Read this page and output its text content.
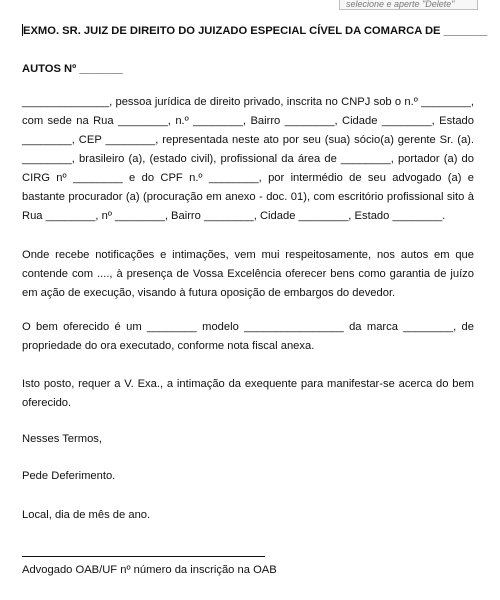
selecione e aperte "Delete"
EXMO. SR. JUIZ DE DIREITO DO JUIZADO ESPECIAL CÍVEL DA COMARCA DE _______
AUTOS Nº _______
______________, pessoa jurídica de direito privado, inscrita no CNPJ sob o n.º ________, com sede na Rua ________, n.º ________, Bairro ________, Cidade ________, Estado ________, CEP ________, representada neste ato por seu (sua) sócio(a) gerente Sr. (a). ________, brasileiro (a), (estado civil), profissional da área de ________, portador (a) do CIRG nº ________ e do CPF n.º ________, por intermédio de seu advogado (a) e bastante procurador (a) (procuração em anexo - doc. 01), com escritório profissional sito à Rua ________, nº ________, Bairro ________, Cidade ________, Estado ________.
Onde recebe notificações e intimações, vem mui respeitosamente, nos autos em que contende com ...., à presença de Vossa Excelência oferecer bens como garantia de juízo em ação de execução, visando à futura oposição de embargos do devedor.
O bem oferecido é um ________ modelo ________________ da marca ________, de propriedade do ora executado, conforme nota fiscal anexa.
Isto posto, requer a V. Exa., a intimação da exequente para manifestar-se acerca do bem oferecido.
Nesses Termos,
Pede Deferimento.
Local, dia de mês de ano.
Advogado OAB/UF nº número da inscrição na OAB
